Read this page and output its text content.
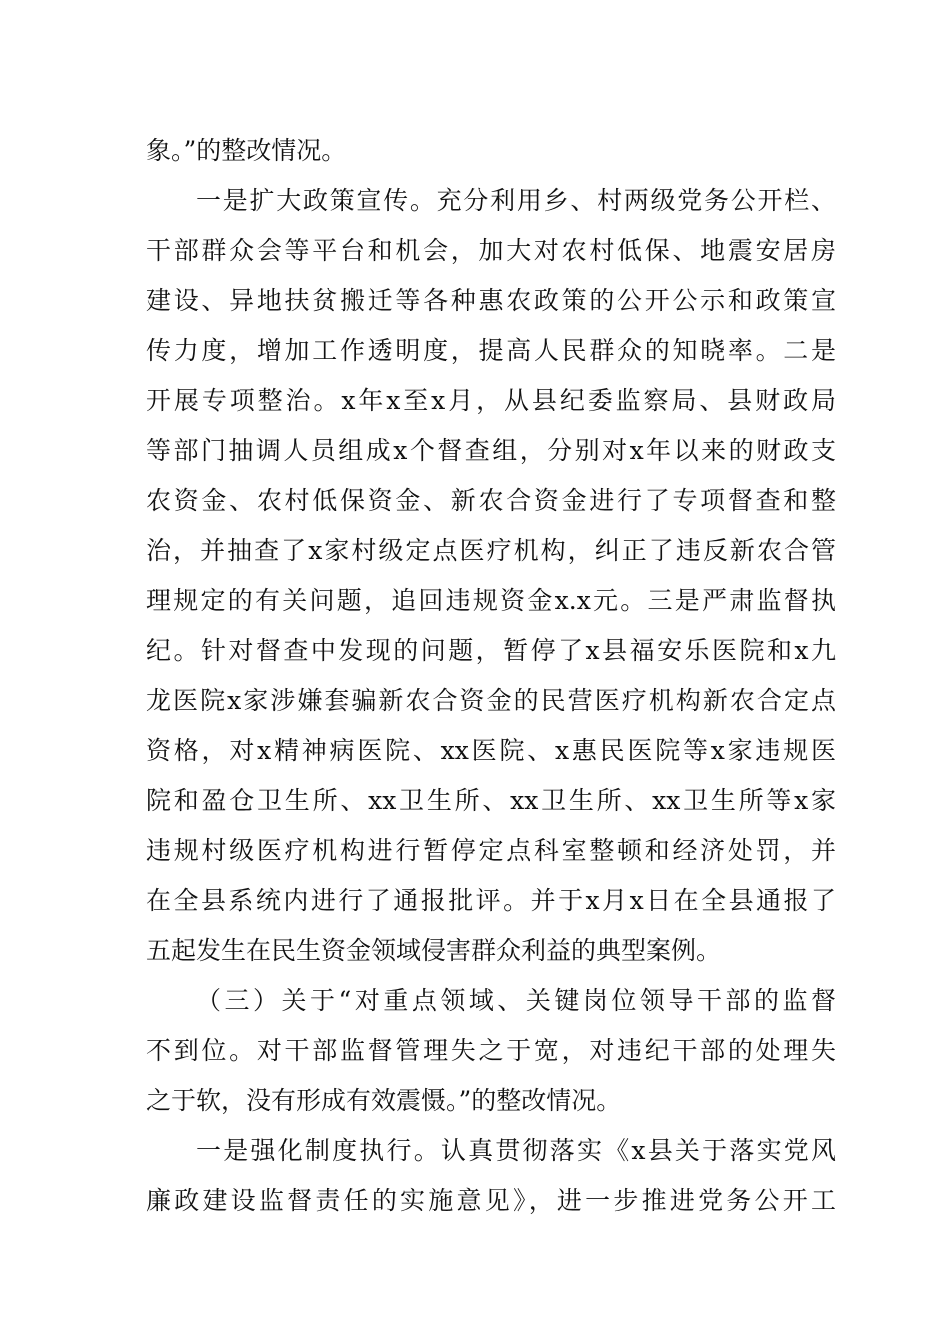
象。”的整改情况。
一是扩大政策宣传。充分利用乡、村两级党务公开栏、
干部群众会等平台和机会，加大对农村低保、地震安居房
建设、异地扶贫搬迁等各种惠农政策的公开公示和政策宣
传力度，增加工作透明度，提高人民群众的知晓率。二是
开展专项整治。x年x至x月，从县纪委监察局、县财政局
等部门抽调人员组成x个督查组，分别对x年以来的财政支
农资金、农村低保资金、新农合资金进行了专项督查和整
治，并抽查了x家村级定点医疗机构，纠正了违反新农合管
理规定的有关问题，追回违规资金x.x元。三是严肃监督执
纪。针对督查中发现的问题，暂停了x县福安乐医院和x九
龙医院x家涉嫌套骗新农合资金的民营医疗机构新农合定点
资格，对x精神病医院、xx医院、x惠民医院等x家违规医
院和盈仓卫生所、xx卫生所、xx卫生所、xx卫生所等x家
违规村级医疗机构进行暂停定点科室整顿和经济处罚，并
在全县系统内进行了通报批评。并于x月x日在全县通报了
五起发生在民生资金领域侵害群众利益的典型案例。
（三）关于“对重点领域、关键岗位领导干部的监督
不到位。对干部监督管理失之于宽，对违纪干部的处理失
之于软，没有形成有效震慑。”的整改情况。
一是强化制度执行。认真贯彻落实《x县关于落实党风
廉政建设监督责任的实施意见》，进一步推进党务公开工
